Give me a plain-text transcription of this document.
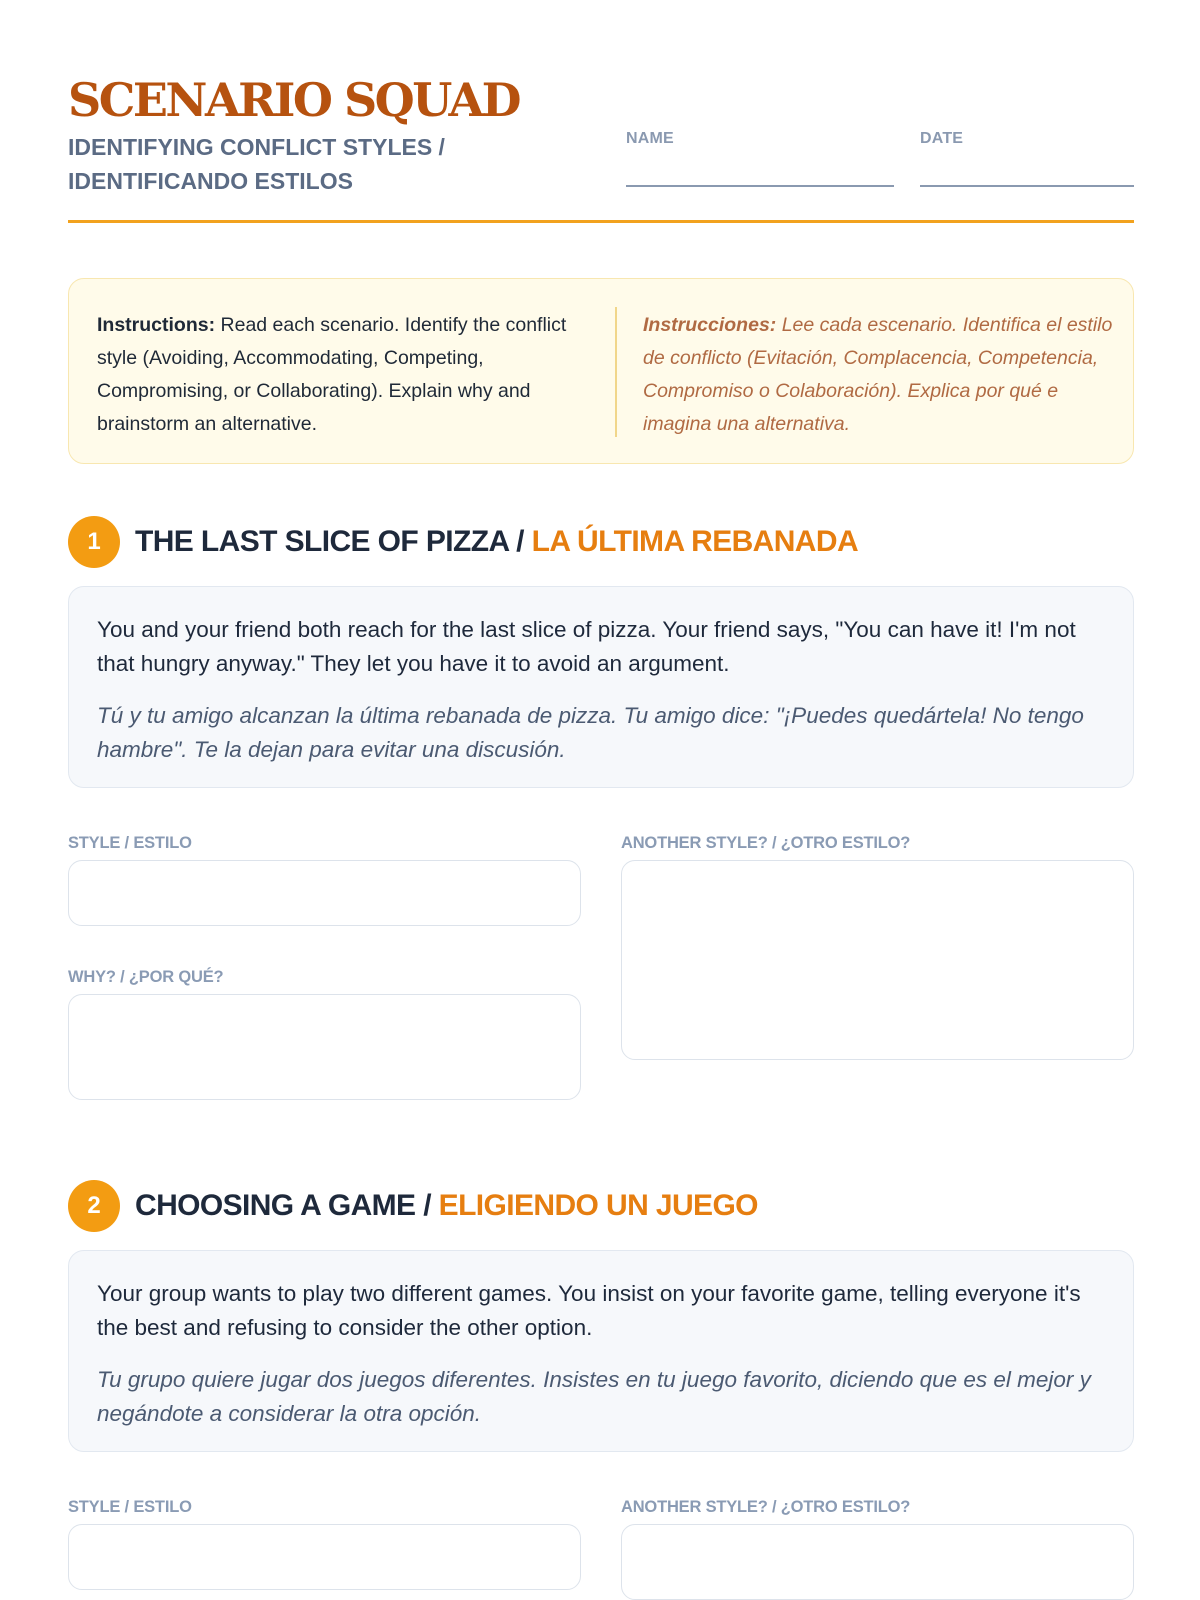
SCENARIO SQUAD
IDENTIFYING CONFLICT STYLES / IDENTIFICANDO ESTILOS
NAME	DATE
Instructions: Read each scenario. Identify the conflict style (Avoiding, Accommodating, Competing, Compromising, or Collaborating). Explain why and brainstorm an alternative.
Instrucciones: Lee cada escenario. Identifica el estilo de conflicto (Evitación, Complacencia, Competencia, Compromiso o Colaboración). Explica por qué e imagina una alternativa.
1	THE LAST SLICE OF PIZZA / LA ÚLTIMA REBANADA
You and your friend both reach for the last slice of pizza. Your friend says, "You can have it! I'm not that hungry anyway." They let you have it to avoid an argument.
Tú y tu amigo alcanzan la última rebanada de pizza. Tu amigo dice: "¡Puedes quedártela! No tengo hambre". Te la dejan para evitar una discusión.
STYLE / ESTILO
WHY? / ¿POR QUÉ?
ANOTHER STYLE? / ¿OTRO ESTILO?
2	CHOOSING A GAME / ELIGIENDO UN JUEGO
Your group wants to play two different games. You insist on your favorite game, telling everyone it's the best and refusing to consider the other option.
Tu grupo quiere jugar dos juegos diferentes. Insistes en tu juego favorito, diciendo que es el mejor y negándote a considerar la otra opción.
STYLE / ESTILO	ANOTHER STYLE? / ¿OTRO ESTILO?
